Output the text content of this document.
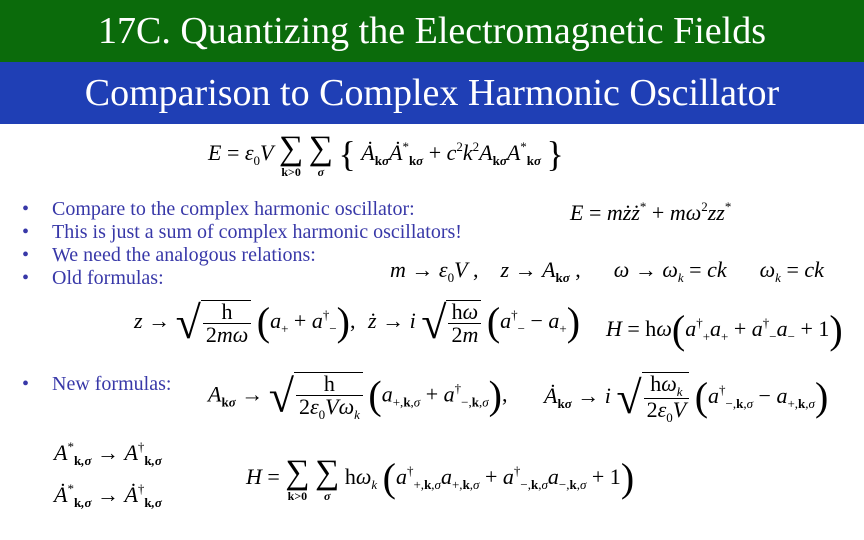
17C. Quantizing the Electromagnetic Fields
Comparison to Complex Harmonic Oscillator
$E = \varepsilon_0V$ ∑
k>0

∑
σ { $Ȧ_{k\sigma}Ȧ^*_{k\sigma} + c^2k^2A_{k\sigma}A^*_{k\sigma}$ }
• Compare to the complex harmonic oscillator:
• This is just a sum of complex harmonic oscillators!
• We need the analogous relations:
• Old formulas:
E = mżż* + $m\omega^2zz^*$
$m \to \varepsilon_0V$ ,    $z \to A_{k\sigma}$ ,      $\omega \to \omega_k$ = ck $\omega_k$ = ck
z → √ $\frac{h}{2m\omega} (a_+ + a^\dagger_-)$, ż → i √ $\frac{h\omega}{2m} (a^\dagger_- - a_+) H = h\omega(a^\dagger_+a_+ + a^\dagger_-a_- + 1)$
• New formulas: $A_{k\sigma}$ → √ $\frac{h}{2\varepsilon_0V\omega_k} (a_{+,k,\sigma} + a^\dagger_{-,k,\sigma})$, $Ȧ_{k\sigma} \to i$ √ $\frac{h\omega_k}{2\varepsilon_0V} (a^\dagger_{-,k,\sigma} - a_{+,k,\sigma})$
$A^*_{k,\sigma} \to A^\dagger_{k,\sigma}$
$Ȧ^*_{k,\sigma}$ → $Ȧ^\dagger_{k,\sigma}$
H = ∑
k>0

∑
σ
$h\omega_k$ $(a^\dagger_{+,k,\sigma}a_{+,k,\sigma} + a^\dagger_{-,k,\sigma}a_{-,k,\sigma} + 1)$
